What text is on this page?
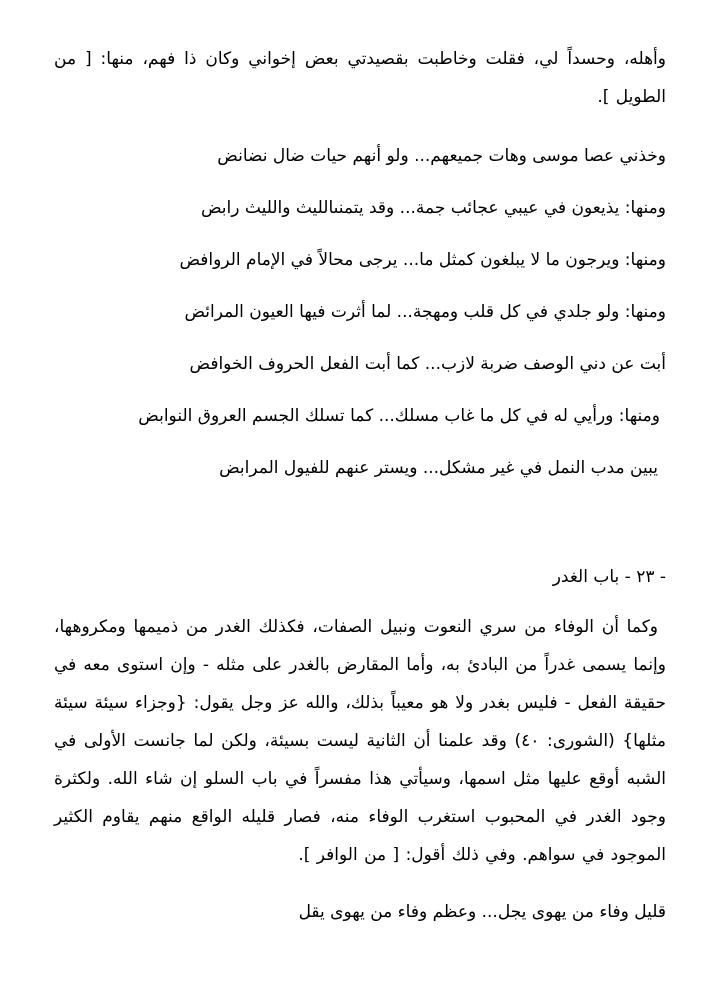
وأهله، وحسداً لي، فقلت وخاطبت بقصيدتي بعض إخواني وكان ذا فهم، منها: [ من الطويل ].
وخذني عصا موسى وهات جميعهم... ولو أنهم حيات ضال نضانض
ومنها: يذيعون في عيبي عجائب جمة... وقد يتمنىالليث والليث رابض
ومنها: ويرجون ما لا يبلغون كمثل ما... يرجى محالاً في الإمام الروافض
ومنها: ولو جلدي في كل قلب ومهجة... لما أثرت فيها العيون المرائض
أبت عن دني الوصف ضربة لازب... كما أبت الفعل الحروف الخوافض
ومنها: ورأيي له في كل ما غاب مسلك... كما تسلك الجسم العروق النوابض
يبين مدب النمل في غير مشكل... ويستر عنهم للفيول المرابض
- ٢٣ - باب الغدر
وكما أن الوفاء من سري النعوت ونبيل الصفات، فكذلك الغدر من ذميمها ومكروهها، وإنما يسمى غدراً من البادئ به، وأما المقارض بالغدر على مثله - وإن استوى معه في حقيقة الفعل - فليس بغدر ولا هو معيباً بذلك، والله عز وجل يقول: {وجزاء سيئة سيئة مثلها} (الشورى: ٤٠) وقد علمنا أن الثانية ليست بسيئة، ولكن لما جانست الأولى في الشبه أوقع عليها مثل اسمها، وسيأتي هذا مفسراً في باب السلو إن شاء الله. ولكثرة وجود الغدر في المحبوب استغرب الوفاء منه، فصار قليله الواقع منهم يقاوم الكثير الموجود في سواهم. وفي ذلك أقول: [ من الوافر ].
قليل وفاء من يهوى يجل... وعظم وفاء من يهوى يقل
